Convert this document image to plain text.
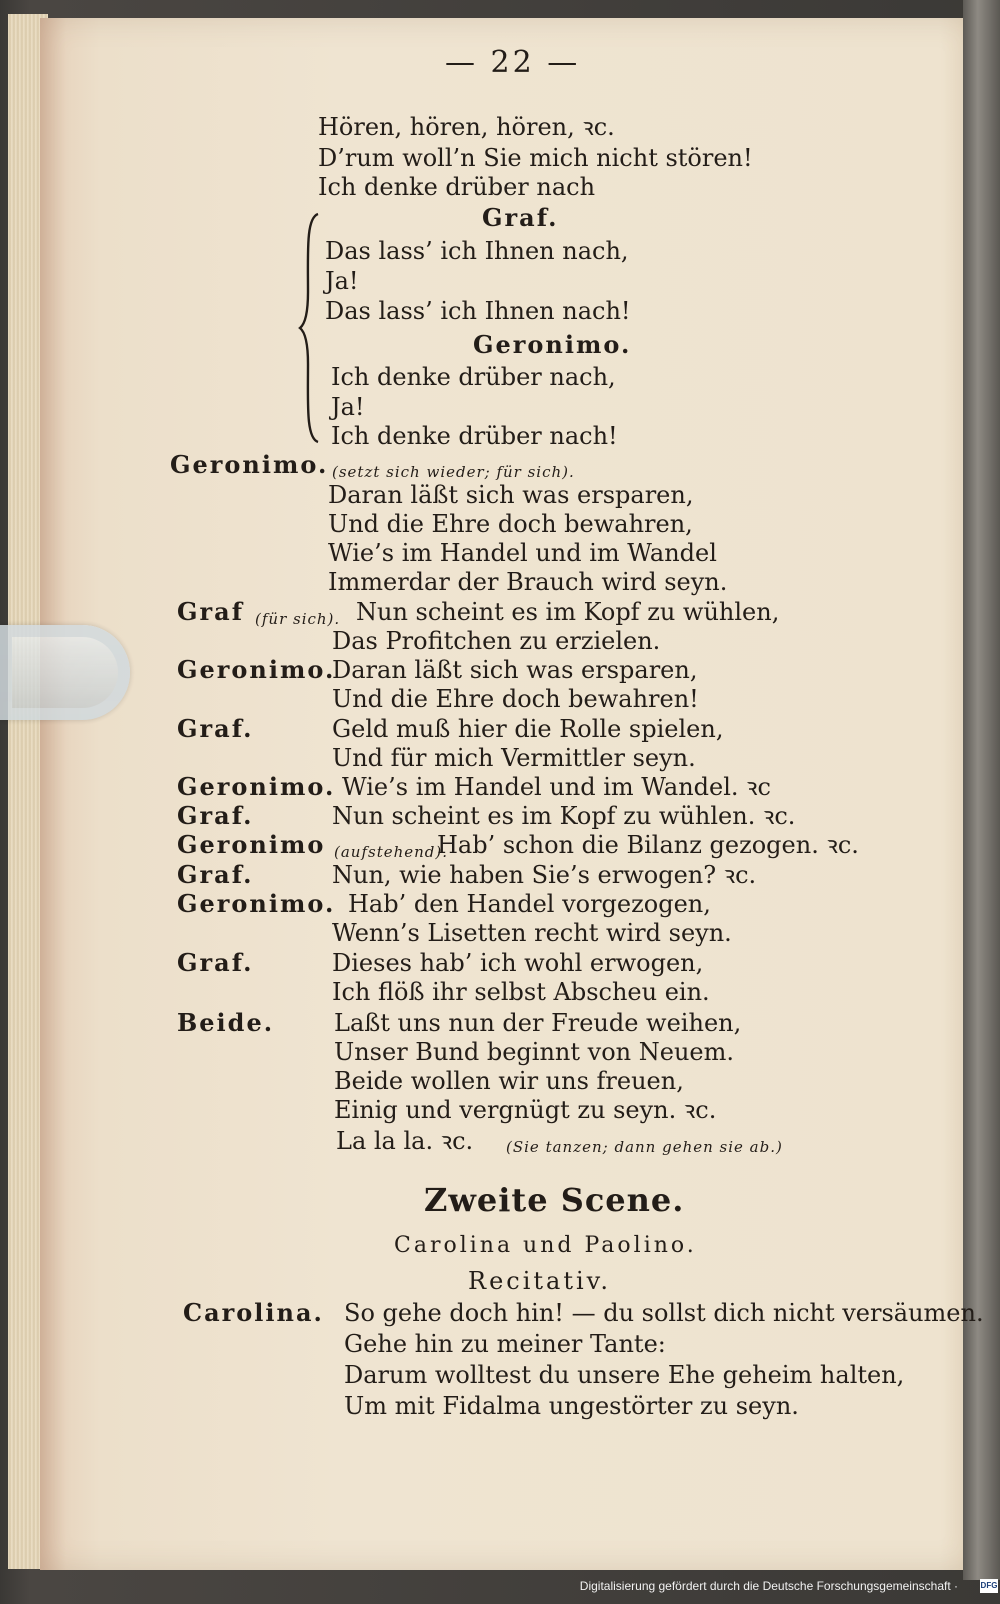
— 22 —
Hören, hören, hören, ꝛc.
D’rum woll’n Sie mich nicht stören!
Ich denke drüber nach
Graf.
Das lass’ ich Ihnen nach,
Ja!
Das lass’ ich Ihnen nach!
Geronimo.
Ich denke drüber nach,
Ja!
Ich denke drüber nach!
Geronimo. (setzt sich wieder; für sich).
Daran läßt sich was ersparen,
Und die Ehre doch bewahren,
Wie’s im Handel und im Wandel
Immerdar der Brauch wird seyn.
Graf (für sich). Nun scheint es im Kopf zu wühlen,
Das Profitchen zu erzielen.
Geronimo.
Daran läßt sich was ersparen,
Und die Ehre doch bewahren!
Graf.	Geld muß hier die Rolle spielen,
Und für mich Vermittler seyn.
Geronimo. Wie’s im Handel und im Wandel. ꝛc
Graf.	Nun scheint es im Kopf zu wühlen. ꝛc.
Geronimo (aufstehend).
Hab’ schon die Bilanz gezogen. ꝛc.
Graf.	Nun, wie haben Sie’s erwogen? ꝛc.
Geronimo. Hab’ den Handel vorgezogen,
Wenn’s Lisetten recht wird seyn.
Graf.	Dieses hab’ ich wohl erwogen,
Ich flöß ihr selbst Abscheu ein.
Beide. Laßt uns nun der Freude weihen,
Unser Bund beginnt von Neuem.
Beide wollen wir uns freuen,
Einig und vergnügt zu seyn. ꝛc.
La la la. ꝛc. (Sie tanzen; dann gehen sie ab.)
Zweite Scene.
Carolina und Paolino.
Recitativ.
Carolina. So gehe doch hin! — du sollst dich nicht versäumen.
Gehe hin zu meiner Tante:
Darum wolltest du unsere Ehe geheim halten,
Um mit Fidalma ungestörter zu seyn.
Digitalisierung gefördert durch die Deutsche Forschungsgemeinschaft ·	DFG
